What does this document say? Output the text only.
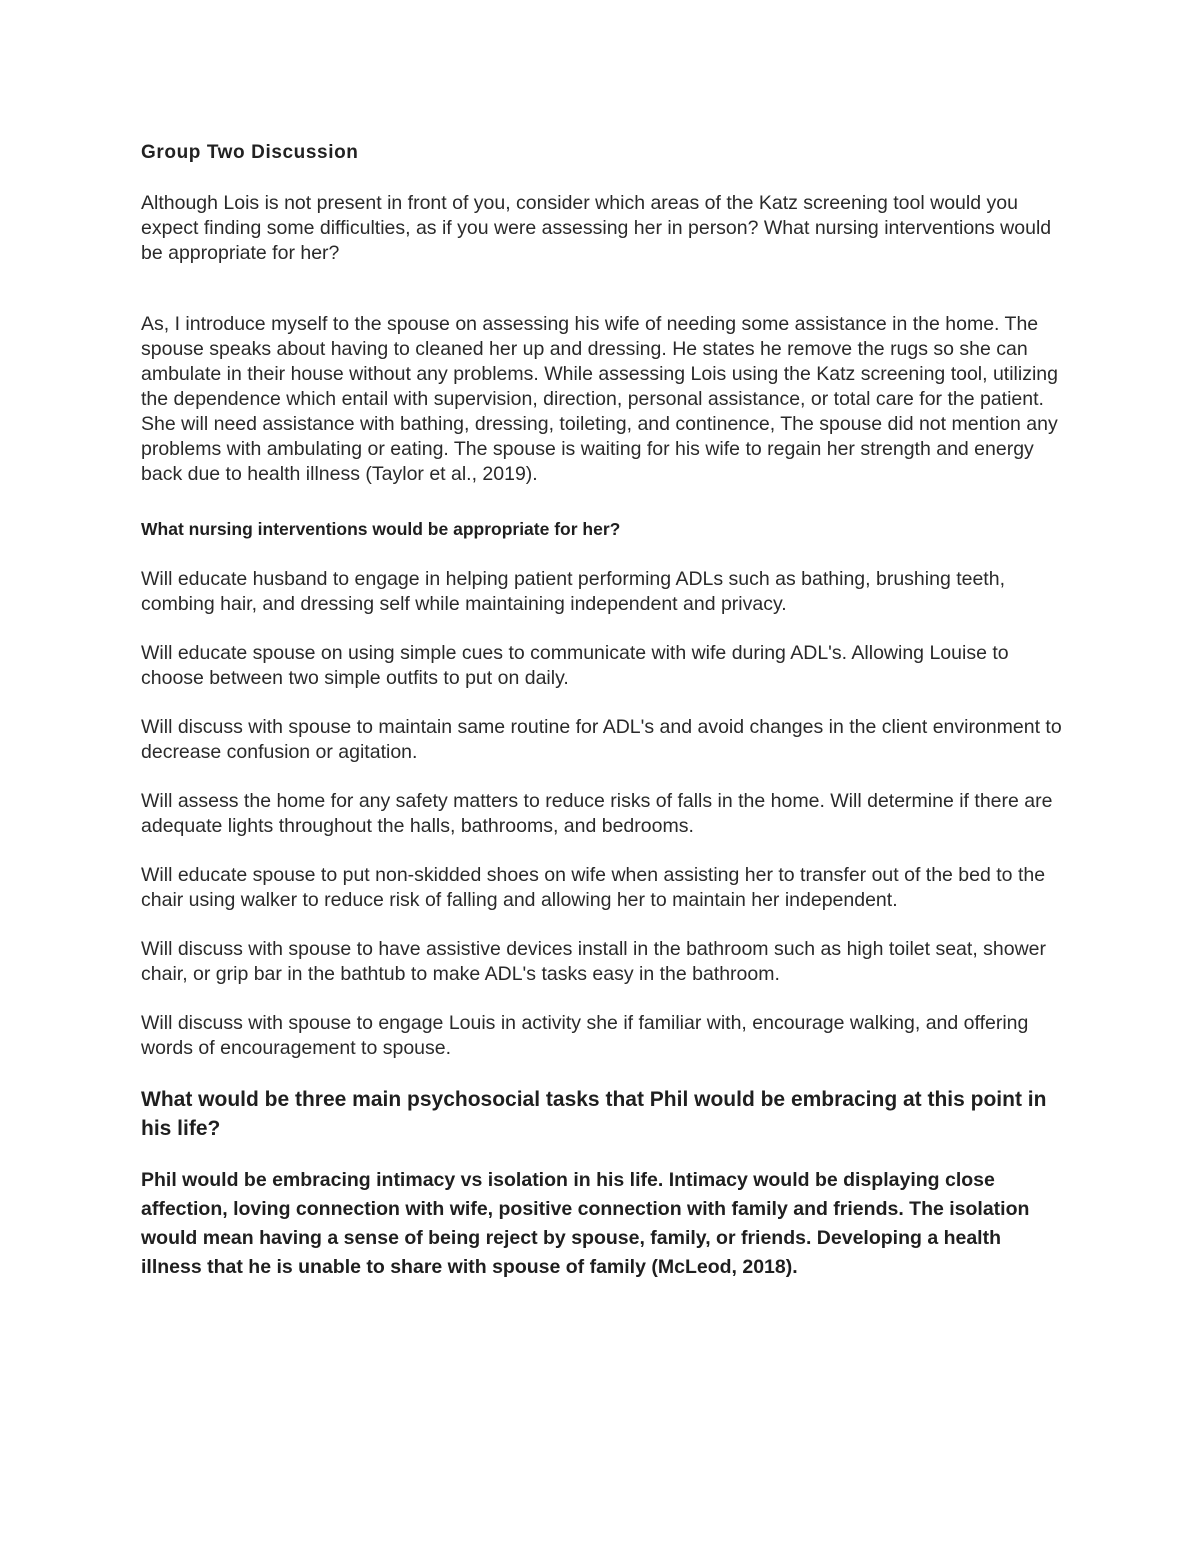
Group Two Discussion

Although Lois is not present in front of you, consider which areas of the Katz screening tool would you expect finding some difficulties, as if you were assessing her in person? What nursing interventions would be appropriate for her?

As, I introduce myself to the spouse on assessing his wife of needing some assistance in the home. The spouse speaks about having to cleaned her up and dressing. He states he remove the rugs so she can ambulate in their house without any problems. While assessing Lois using the Katz screening tool, utilizing the dependence which entail with supervision, direction, personal assistance, or total care for the patient. She will need assistance with bathing, dressing, toileting, and continence, The spouse did not mention any problems with ambulating or eating. The spouse is waiting for his wife to regain her strength and energy back due to health illness (Taylor et al., 2019).

What nursing interventions would be appropriate for her?
Will educate husband to engage in helping patient performing ADLs such as bathing, brushing teeth, combing hair, and dressing self while maintaining independent and privacy.
Will educate spouse on using simple cues to communicate with wife during ADL's. Allowing Louise to choose between two simple outfits to put on daily.
Will discuss with spouse to maintain same routine for ADL's and avoid changes in the client environment to decrease confusion or agitation.
Will assess the home for any safety matters to reduce risks of falls in the home. Will determine if there are adequate lights throughout the halls, bathrooms, and bedrooms.
Will educate spouse to put non-skidded shoes on wife when assisting her to transfer out of the bed to the chair using walker to reduce risk of falling and allowing her to maintain her independent.
Will discuss with spouse to have assistive devices install in the bathroom such as high toilet seat, shower chair, or grip bar in the bathtub to make ADL's tasks easy in the bathroom.
Will discuss with spouse to engage Louis in activity she if familiar with, encourage walking, and offering words of encouragement to spouse.
What would be three main psychosocial tasks that Phil would be embracing at this point in his life?

Phil would be embracing intimacy vs isolation in his life. Intimacy would be displaying close affection, loving connection with wife, positive connection with family and friends. The isolation would mean having a sense of being reject by spouse, family, or friends. Developing a health illness that he is unable to share with spouse of family (McLeod, 2018).
